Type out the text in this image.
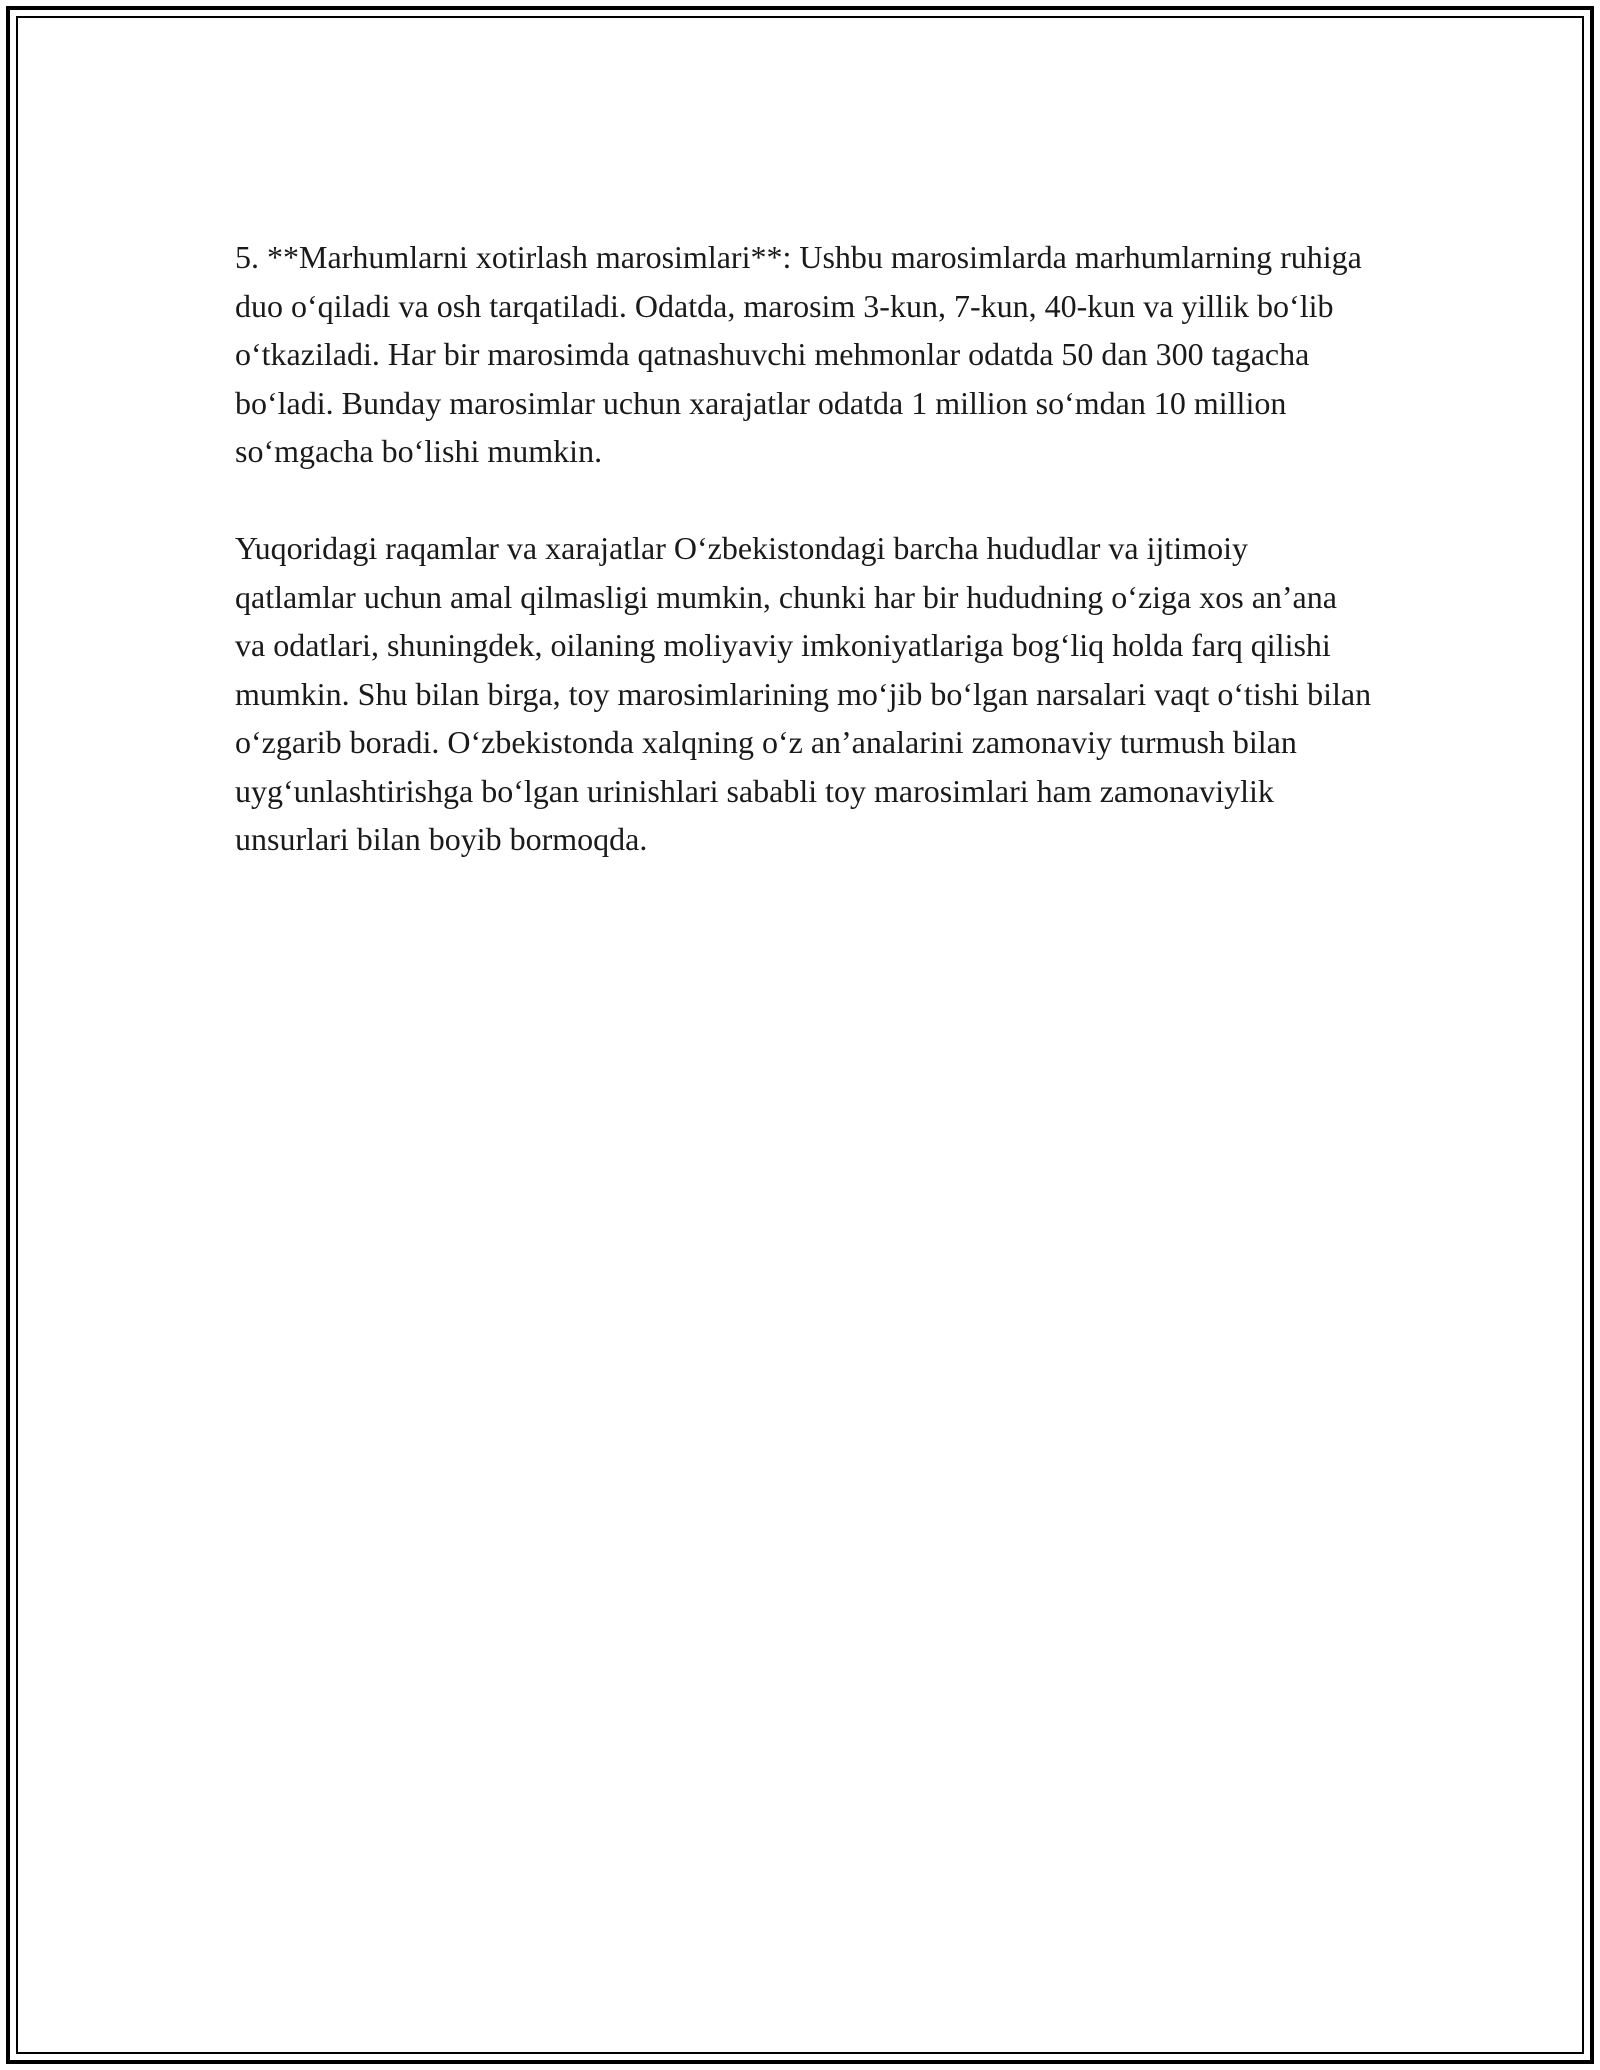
5. **Marhumlarni xotirlash marosimlari**: Ushbu marosimlarda marhumlarning ruhiga duo o‘qiladi va osh tarqatiladi. Odatda, marosim 3-kun, 7-kun, 40-kun va yillik bo‘lib o‘tkaziladi. Har bir marosimda qatnashuvchi mehmonlar odatda 50 dan 300 tagacha bo‘ladi. Bunday marosimlar uchun xarajatlar odatda 1 million so‘mdan 10 million so‘mgacha bo‘lishi mumkin.

Yuqoridagi raqamlar va xarajatlar O‘zbekistondagi barcha hududlar va ijtimoiy qatlamlar uchun amal qilmasligi mumkin, chunki har bir hududning o‘ziga xos an’ana va odatlari, shuningdek, oilaning moliyaviy imkoniyatlariga bog‘liq holda farq qilishi mumkin. Shu bilan birga, toy marosimlarining mo‘jib bo‘lgan narsalari vaqt o‘tishi bilan o‘zgarib boradi. O‘zbekistonda xalqning o‘z an’analarini zamonaviy turmush bilan uyg‘unlashtirishga bo‘lgan urinishlari sababli toy marosimlari ham zamonaviylik unsurlari bilan boyib bormoqda.
